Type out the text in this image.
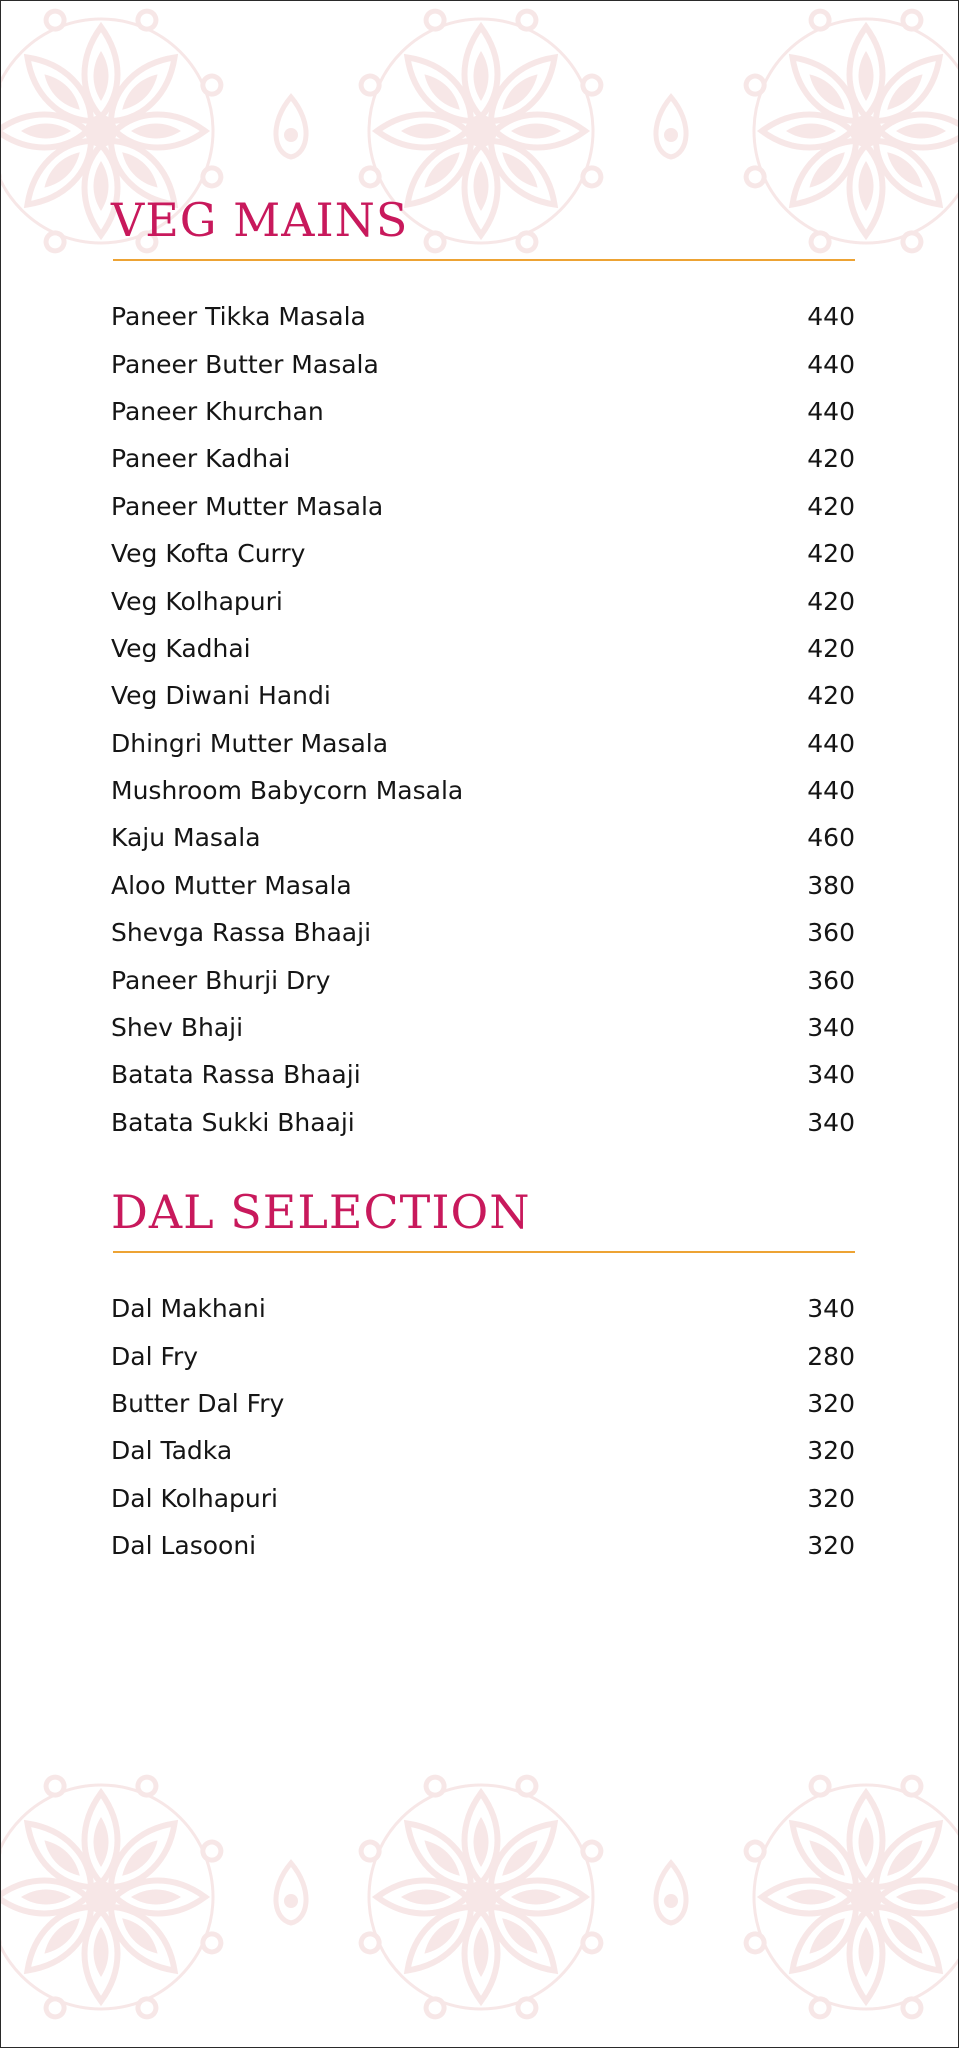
VEG MAINS
Paneer Tikka Masala	440
Paneer Butter Masala	440
Paneer Khurchan	440
Paneer Kadhai	420
Paneer Mutter Masala	420
Veg Kofta Curry	420
Veg Kolhapuri	420
Veg Kadhai	420
Veg Diwani Handi	420
Dhingri Mutter Masala	440
Mushroom Babycorn Masala	440
Kaju Masala	460
Aloo Mutter Masala	380
Shevga Rassa Bhaaji	360
Paneer Bhurji Dry	360
Shev Bhaji	340
Batata Rassa Bhaaji	340
Batata Sukki Bhaaji	340
DAL SELECTION
Dal Makhani	340
Dal Fry	280
Butter Dal Fry	320
Dal Tadka	320
Dal Kolhapuri	320
Dal Lasooni	320
